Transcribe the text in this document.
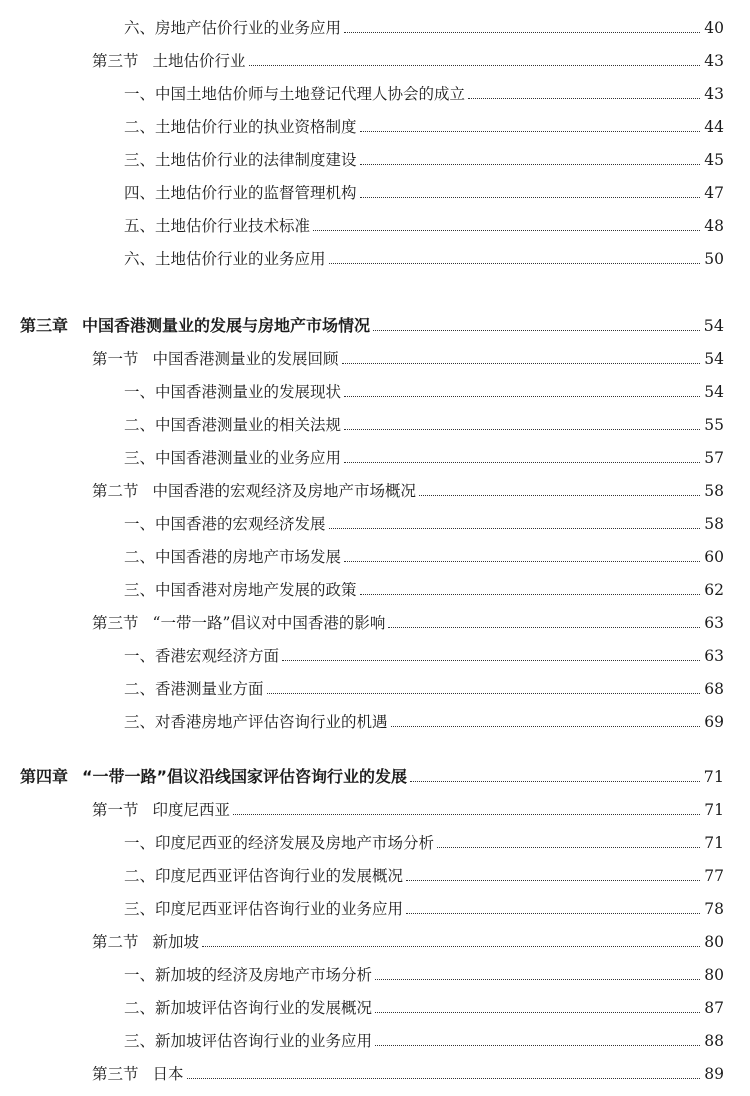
六、房地产估价行业的业务应用	40
第三节 土地估价行业	43
一、中国土地估价师与土地登记代理人协会的成立	43
二、土地估价行业的执业资格制度	44
三、土地估价行业的法律制度建设	45
四、土地估价行业的监督管理机构	47
五、土地估价行业技术标准	48
六、土地估价行业的业务应用	50
第三章 中国香港测量业的发展与房地产市场情况	54
第一节 中国香港测量业的发展回顾	54
一、中国香港测量业的发展现状	54
二、中国香港测量业的相关法规	55
三、中国香港测量业的业务应用	57
第二节 中国香港的宏观经济及房地产市场概况	58
一、中国香港的宏观经济发展	58
二、中国香港的房地产市场发展	60
三、中国香港对房地产发展的政策	62
第三节 “一带一路”倡议对中国香港的影响	63
一、香港宏观经济方面	63
二、香港测量业方面	68
三、对香港房地产评估咨询行业的机遇	69
第四章 “一带一路”倡议沿线国家评估咨询行业的发展	71
第一节 印度尼西亚	71
一、印度尼西亚的经济发展及房地产市场分析	71
二、印度尼西亚评估咨询行业的发展概况	77
三、印度尼西亚评估咨询行业的业务应用	78
第二节 新加坡	80
一、新加坡的经济及房地产市场分析	80
二、新加坡评估咨询行业的发展概况	87
三、新加坡评估咨询行业的业务应用	88
第三节 日本	89
